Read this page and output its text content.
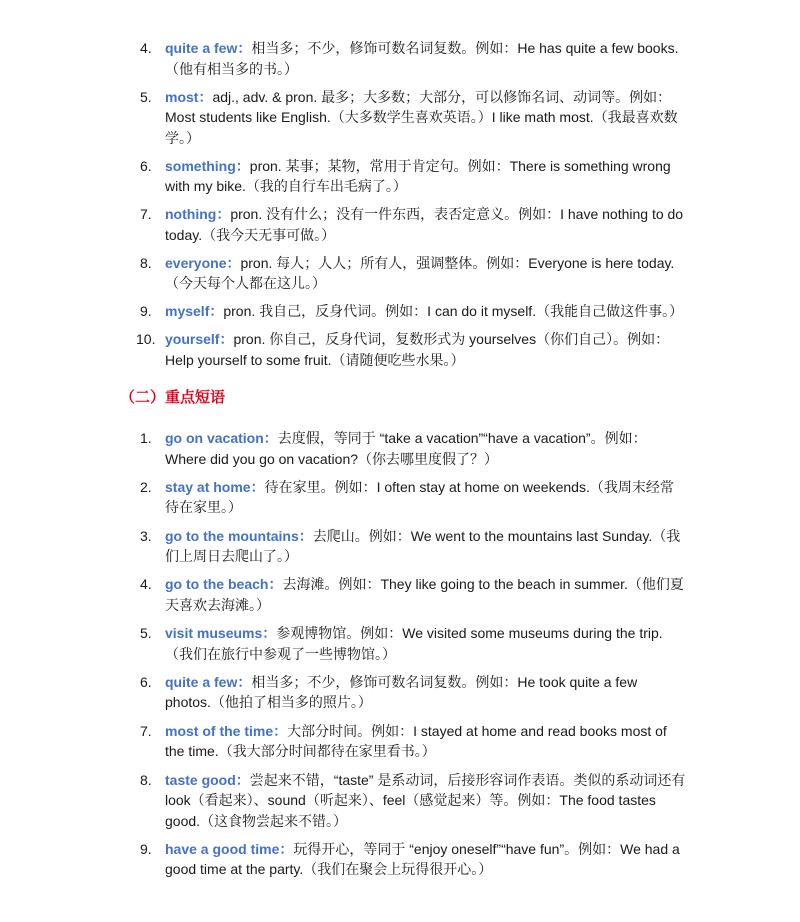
4. quite a few：相当多；不少，修饰可数名词复数。例如：He has quite a few books.（他有相当多的书。）
5. most：adj., adv. & pron. 最多；大多数；大部分，可以修饰名词、动词等。例如：Most students like English.（大多数学生喜欢英语。）I like math most.（我最喜欢数学。）
6. something：pron. 某事；某物，常用于肯定句。例如：There is something wrong with my bike.（我的自行车出毛病了。）
7. nothing：pron. 没有什么；没有一件东西，表否定意义。例如：I have nothing to do today.（我今天无事可做。）
8. everyone：pron. 每人；人人；所有人，强调整体。例如：Everyone is here today.（今天每个人都在这儿。）
9. myself：pron. 我自己，反身代词。例如：I can do it myself.（我能自己做这件事。）
10. yourself：pron. 你自己，反身代词，复数形式为 yourselves（你们自己）。例如：Help yourself to some fruit.（请随便吃些水果。）
（二）重点短语
1. go on vacation：去度假，等同于 “take a vacation”“have a vacation”。例如：Where did you go on vacation?（你去哪里度假了？）
2. stay at home：待在家里。例如：I often stay at home on weekends.（我周末经常待在家里。）
3. go to the mountains：去爬山。例如：We went to the mountains last Sunday.（我们上周日去爬山了。）
4. go to the beach：去海滩。例如：They like going to the beach in summer.（他们夏天喜欢去海滩。）
5. visit museums：参观博物馆。例如：We visited some museums during the trip.（我们在旅行中参观了一些博物馆。）
6. quite a few：相当多；不少，修饰可数名词复数。例如：He took quite a few photos.（他拍了相当多的照片。）
7. most of the time：大部分时间。例如：I stayed at home and read books most of the time.（我大部分时间都待在家里看书。）
8. taste good：尝起来不错，“taste” 是系动词，后接形容词作表语。类似的系动词还有 look（看起来）、sound（听起来）、feel（感觉起来）等。例如：The food tastes good.（这食物尝起来不错。）
9. have a good time：玩得开心，等同于 “enjoy oneself”“have fun”。例如：We had a good time at the party.（我们在聚会上玩得很开心。）
